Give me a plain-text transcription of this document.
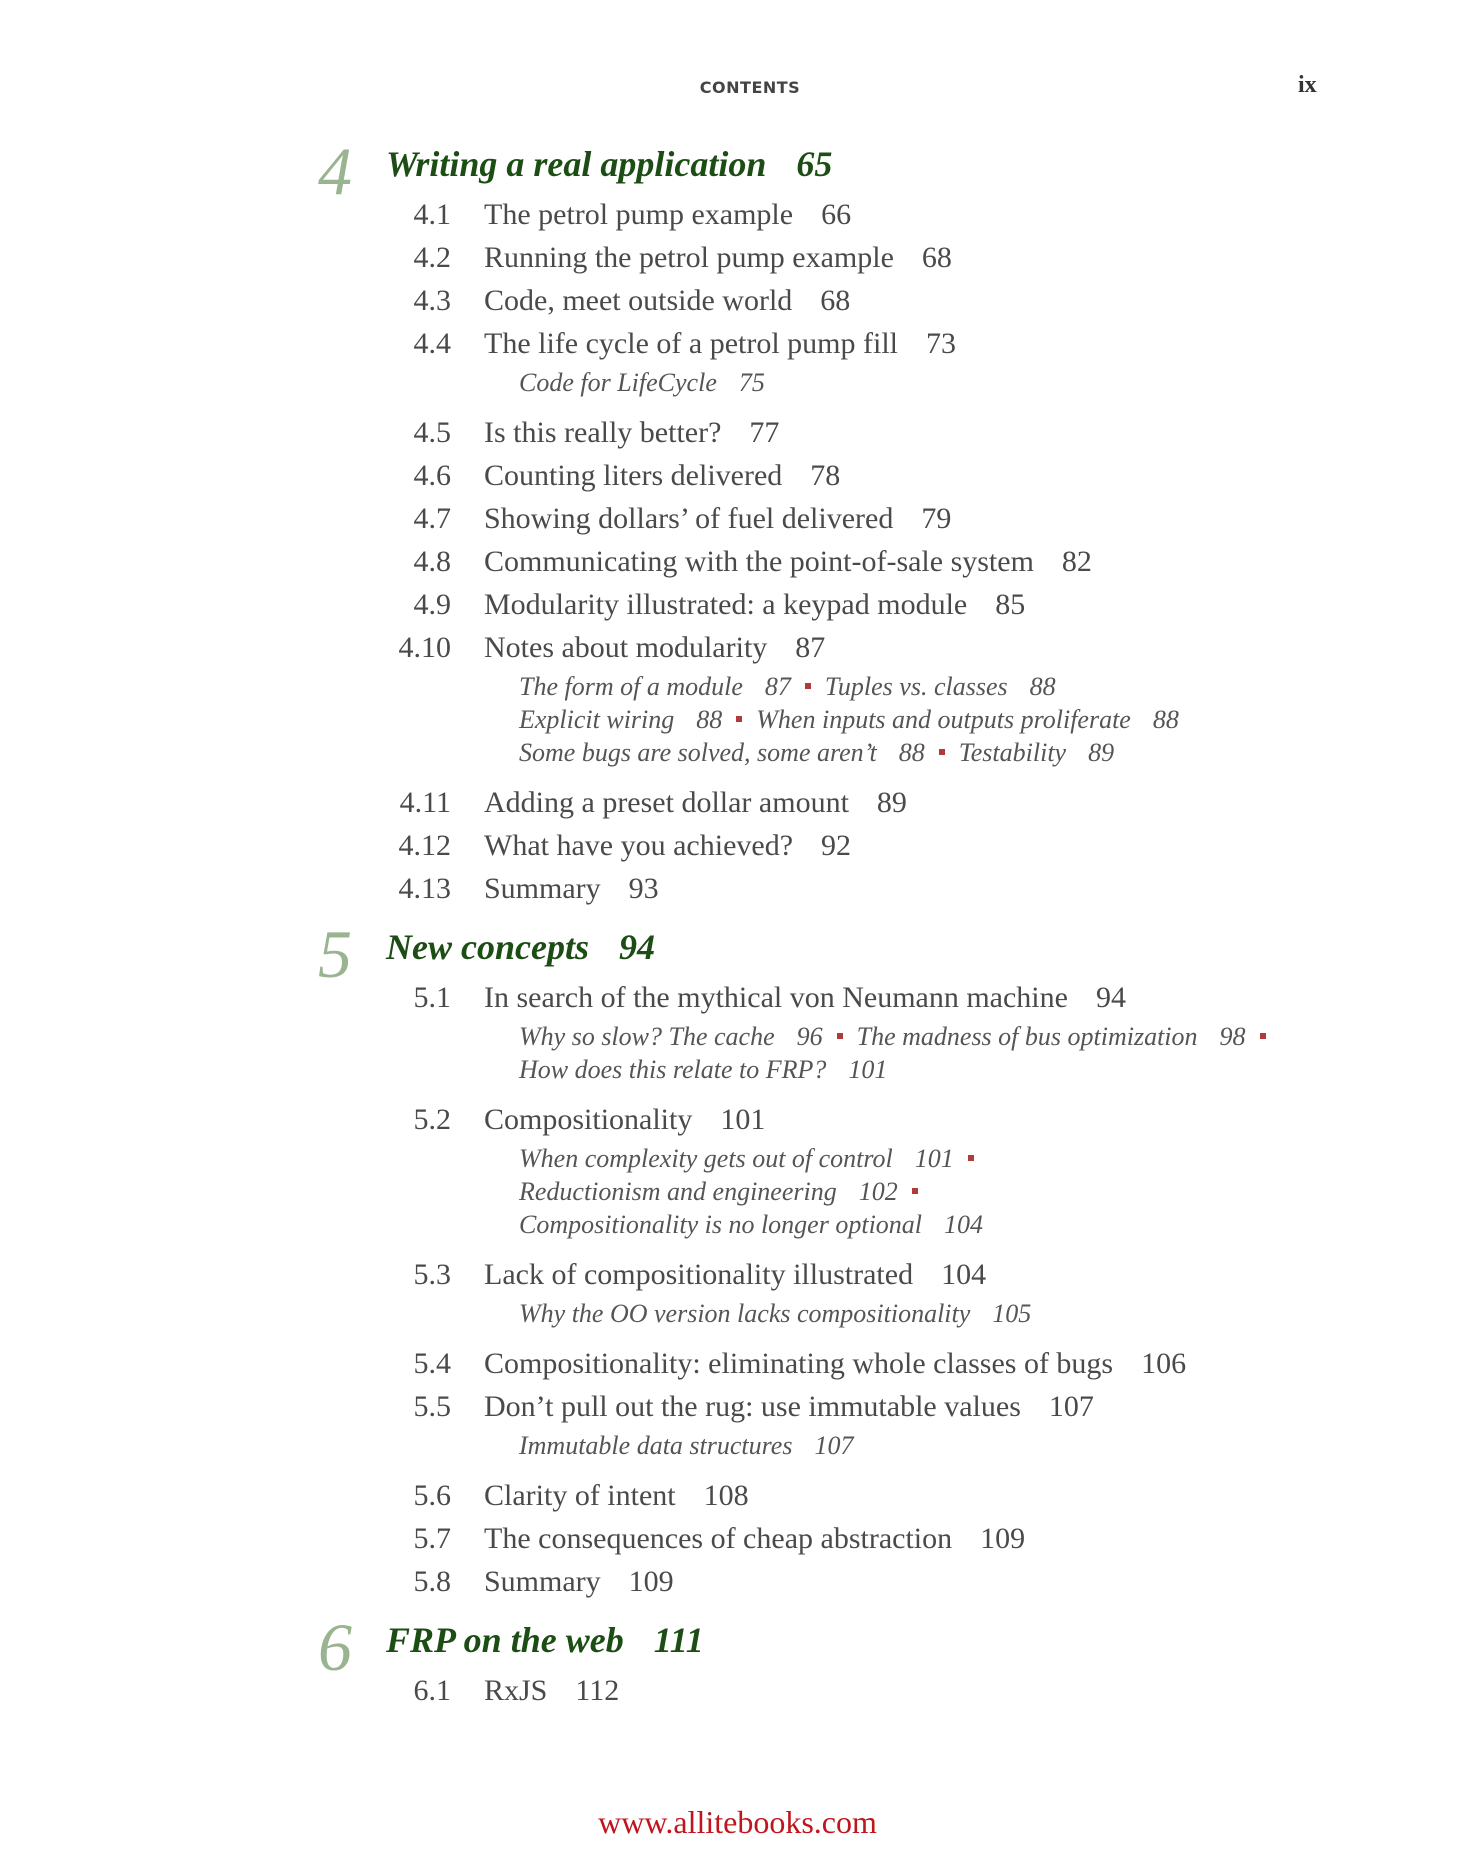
CONTENTS	ix
4 Writing a real application 65
4.1 The petrol pump example 66
4.2 Running the petrol pump example 68
4.3 Code, meet outside world 68
4.4 The life cycle of a petrol pump fill 73
Code for LifeCycle 75
4.5 Is this really better? 77
4.6 Counting liters delivered 78
4.7 Showing dollars’ of fuel delivered 79
4.8 Communicating with the point-of-sale system 82
4.9 Modularity illustrated: a keypad module 85
4.10 Notes about modularity 87
The form of a module 87 Tuples vs. classes 88
Explicit wiring 88 When inputs and outputs proliferate 88
Some bugs are solved, some aren’t 88 Testability 89
4.11 Adding a preset dollar amount 89
4.12 What have you achieved? 92
4.13 Summary 93
5 New concepts 94
5.1 In search of the mythical von Neumann machine 94
Why so slow? The cache 96 The madness of bus optimization 98How does this relate to FRP? 101
5.2 Compositionality 101
When complexity gets out of control 101Reductionism and engineering 102Compositionality is no longer optional 104
5.3 Lack of compositionality illustrated 104
Why the OO version lacks compositionality 105
5.4 Compositionality: eliminating whole classes of bugs 106
5.5 Don’t pull out the rug: use immutable values 107
Immutable data structures 107
5.6 Clarity of intent 108
5.7 The consequences of cheap abstraction 109
5.8 Summary 109
6 FRP on the web 111
6.1 RxJS 112
www.allitebooks.com
